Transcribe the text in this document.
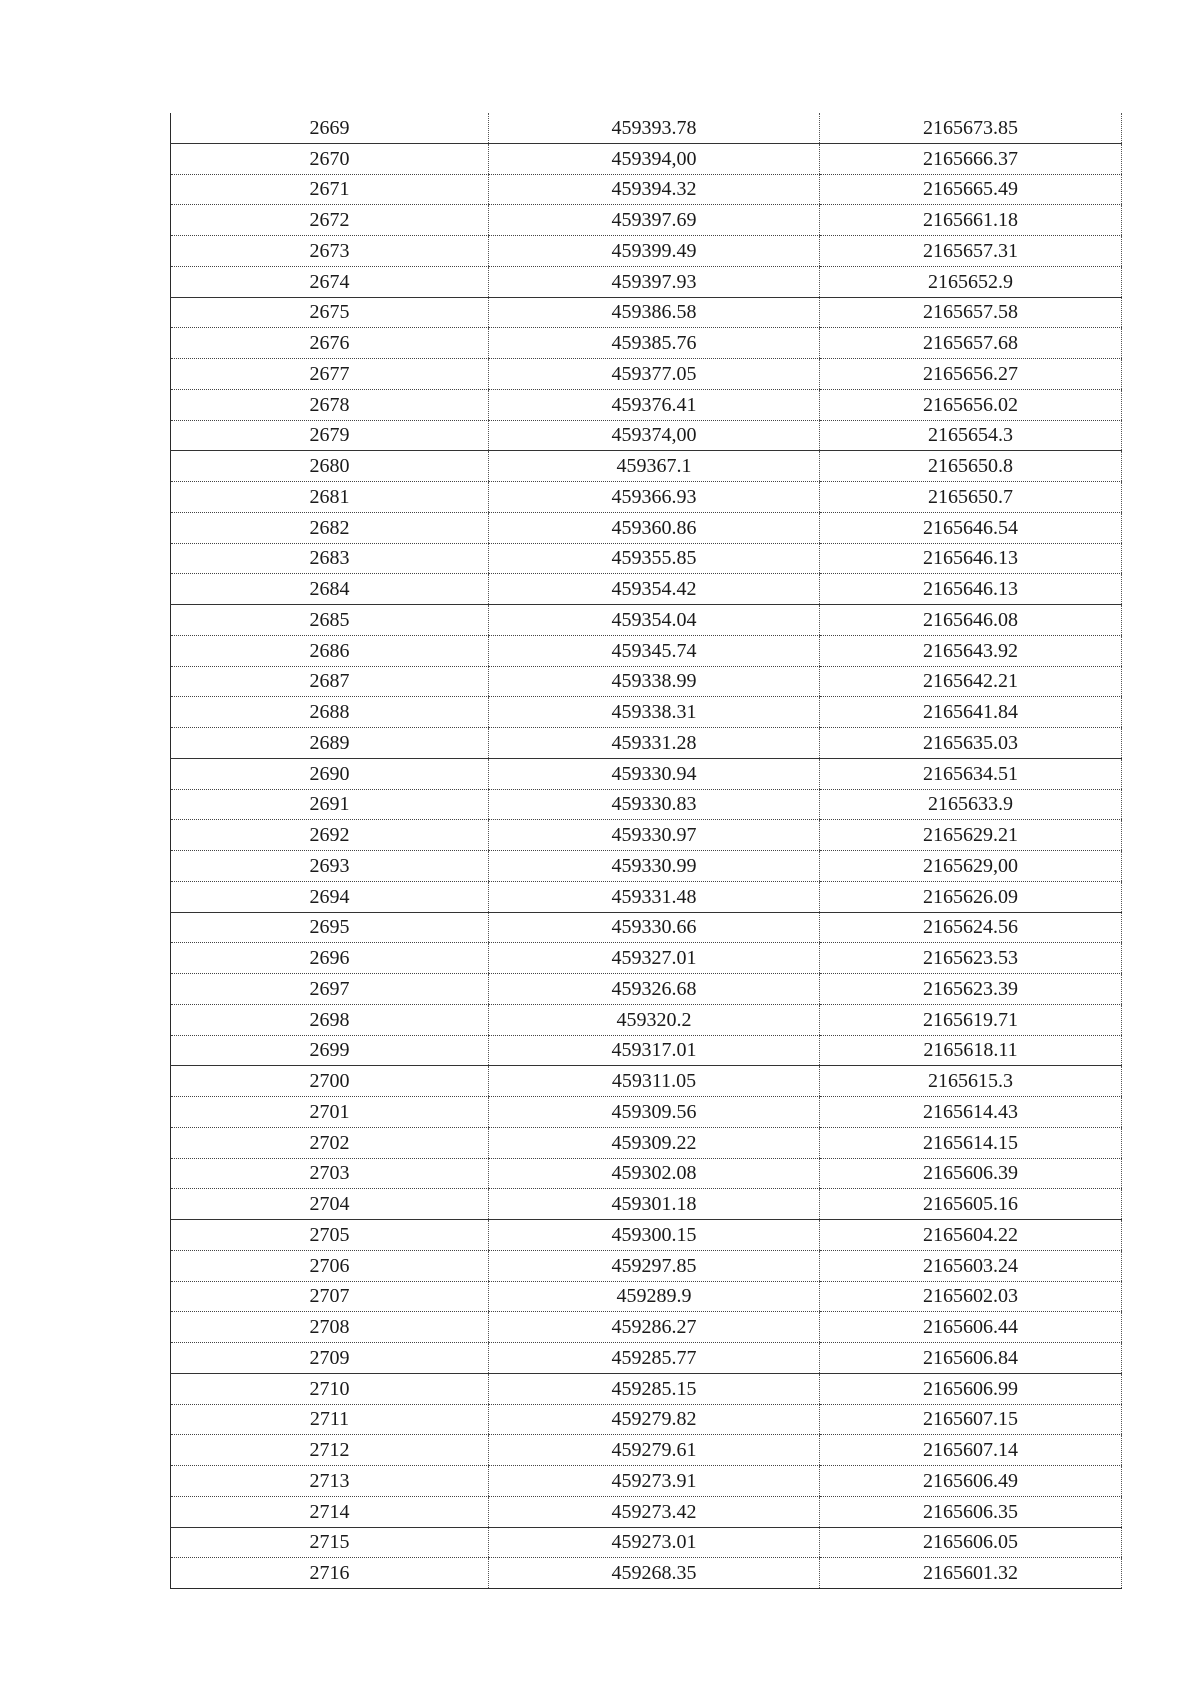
2669	459393.78	2165673.85
2670	459394,00	2165666.37
2671	459394.32	2165665.49
2672	459397.69	2165661.18
2673	459399.49	2165657.31
2674	459397.93	2165652.9
2675	459386.58	2165657.58
2676	459385.76	2165657.68
2677	459377.05	2165656.27
2678	459376.41	2165656.02
2679	459374,00	2165654.3
2680	459367.1	2165650.8
2681	459366.93	2165650.7
2682	459360.86	2165646.54
2683	459355.85	2165646.13
2684	459354.42	2165646.13
2685	459354.04	2165646.08
2686	459345.74	2165643.92
2687	459338.99	2165642.21
2688	459338.31	2165641.84
2689	459331.28	2165635.03
2690	459330.94	2165634.51
2691	459330.83	2165633.9
2692	459330.97	2165629.21
2693	459330.99	2165629,00
2694	459331.48	2165626.09
2695	459330.66	2165624.56
2696	459327.01	2165623.53
2697	459326.68	2165623.39
2698	459320.2	2165619.71
2699	459317.01	2165618.11
2700	459311.05	2165615.3
2701	459309.56	2165614.43
2702	459309.22	2165614.15
2703	459302.08	2165606.39
2704	459301.18	2165605.16
2705	459300.15	2165604.22
2706	459297.85	2165603.24
2707	459289.9	2165602.03
2708	459286.27	2165606.44
2709	459285.77	2165606.84
2710	459285.15	2165606.99
2711	459279.82	2165607.15
2712	459279.61	2165607.14
2713	459273.91	2165606.49
2714	459273.42	2165606.35
2715	459273.01	2165606.05
2716	459268.35	2165601.32
